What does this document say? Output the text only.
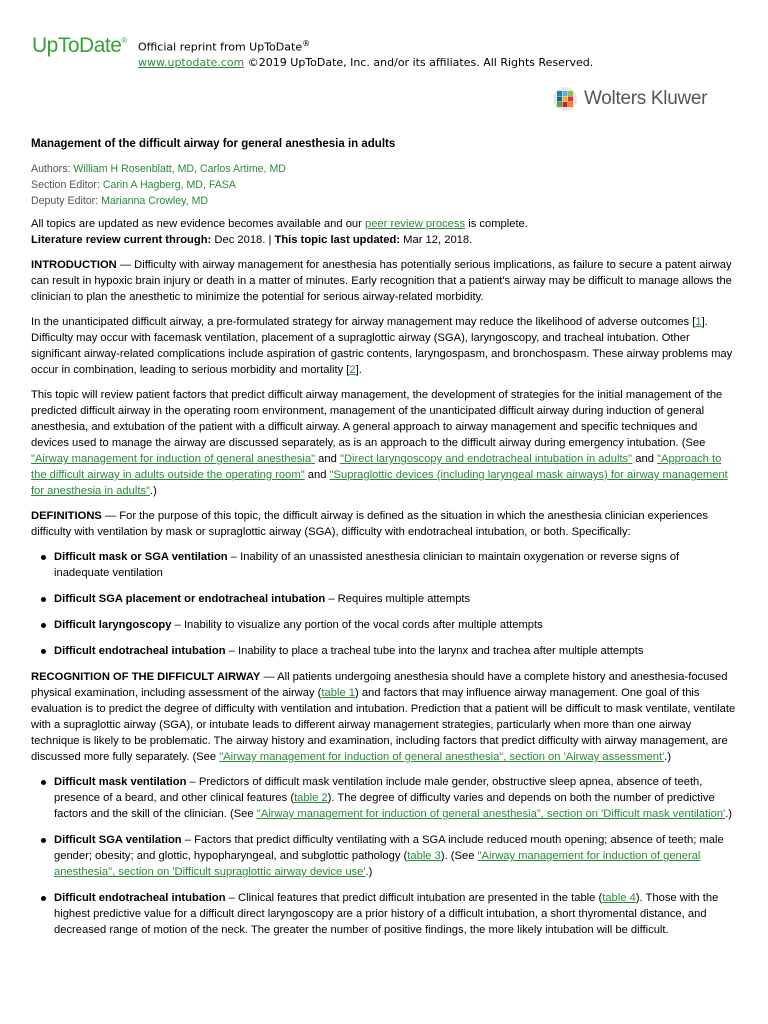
UpToDate®
Official reprint from UpToDate®
www.uptodate.com ©2019 UpToDate, Inc. and/or its affiliates. All Rights Reserved.
Wolters Kluwer
Management of the difficult airway for general anesthesia in adults
Authors: William H Rosenblatt, MD, Carlos Artime, MD
Section Editor: Carin A Hagberg, MD, FASA
Deputy Editor: Marianna Crowley, MD
All topics are updated as new evidence becomes available and our peer review process is complete.
Literature review current through: Dec 2018. | This topic last updated: Mar 12, 2018.

INTRODUCTION — Difficulty with airway management for anesthesia has potentially serious implications, as failure to secure a patent airway can result in hypoxic brain injury or death in a matter of minutes. Early recognition that a patient's airway may be difficult to manage allows the clinician to plan the anesthetic to minimize the potential for serious airway-related morbidity.

In the unanticipated difficult airway, a pre-formulated strategy for airway management may reduce the likelihood of adverse outcomes [1]. Difficulty may occur with facemask ventilation, placement of a supraglottic airway (SGA), laryngoscopy, and tracheal intubation. Other significant airway-related complications include aspiration of gastric contents, laryngospasm, and bronchospasm. These airway problems may occur in combination, leading to serious morbidity and mortality [2].

This topic will review patient factors that predict difficult airway management, the development of strategies for the initial management of the predicted difficult airway in the operating room environment, management of the unanticipated difficult airway during induction of general anesthesia, and extubation of the patient with a difficult airway. A general approach to airway management and specific techniques and devices used to manage the airway are discussed separately, as is an approach to the difficult airway during emergency intubation. (See "Airway management for induction of general anesthesia" and "Direct laryngoscopy and endotracheal intubation in adults" and "Approach to the difficult airway in adults outside the operating room" and "Supraglottic devices (including laryngeal mask airways) for airway management for anesthesia in adults".)

DEFINITIONS — For the purpose of this topic, the difficult airway is defined as the situation in which the anesthesia clinician experiences difficulty with ventilation by mask or supraglottic airway (SGA), difficulty with endotracheal intubation, or both. Specifically:

Difficult mask or SGA ventilation – Inability of an unassisted anesthesia clinician to maintain oxygenation or reverse signs of inadequate ventilation
Difficult SGA placement or endotracheal intubation – Requires multiple attempts
Difficult laryngoscopy – Inability to visualize any portion of the vocal cords after multiple attempts
Difficult endotracheal intubation – Inability to place a tracheal tube into the larynx and trachea after multiple attempts

RECOGNITION OF THE DIFFICULT AIRWAY — All patients undergoing anesthesia should have a complete history and anesthesia-focused physical examination, including assessment of the airway (table 1) and factors that may influence airway management. One goal of this evaluation is to predict the degree of difficulty with ventilation and intubation. Prediction that a patient will be difficult to mask ventilate, ventilate with a supraglottic airway (SGA), or intubate leads to different airway management strategies, particularly when more than one airway technique is likely to be problematic. The airway history and examination, including factors that predict difficulty with airway management, are discussed more fully separately. (See "Airway management for induction of general anesthesia", section on 'Airway assessment'.)

Difficult mask ventilation – Predictors of difficult mask ventilation include male gender, obstructive sleep apnea, absence of teeth, presence of a beard, and other clinical features (table 2). The degree of difficulty varies and depends on both the number of predictive factors and the skill of the clinician. (See "Airway management for induction of general anesthesia", section on 'Difficult mask ventilation'.)
Difficult SGA ventilation – Factors that predict difficulty ventilating with a SGA include reduced mouth opening; absence of teeth; male gender; obesity; and glottic, hypopharyngeal, and subglottic pathology (table 3). (See "Airway management for induction of general anesthesia", section on 'Difficult supraglottic airway device use'.)
Difficult endotracheal intubation – Clinical features that predict difficult intubation are presented in the table (table 4). Those with the highest predictive value for a difficult direct laryngoscopy are a prior history of a difficult intubation, a short thyromental distance, and decreased range of motion of the neck. The greater the number of positive findings, the more likely intubation will be difficult.
